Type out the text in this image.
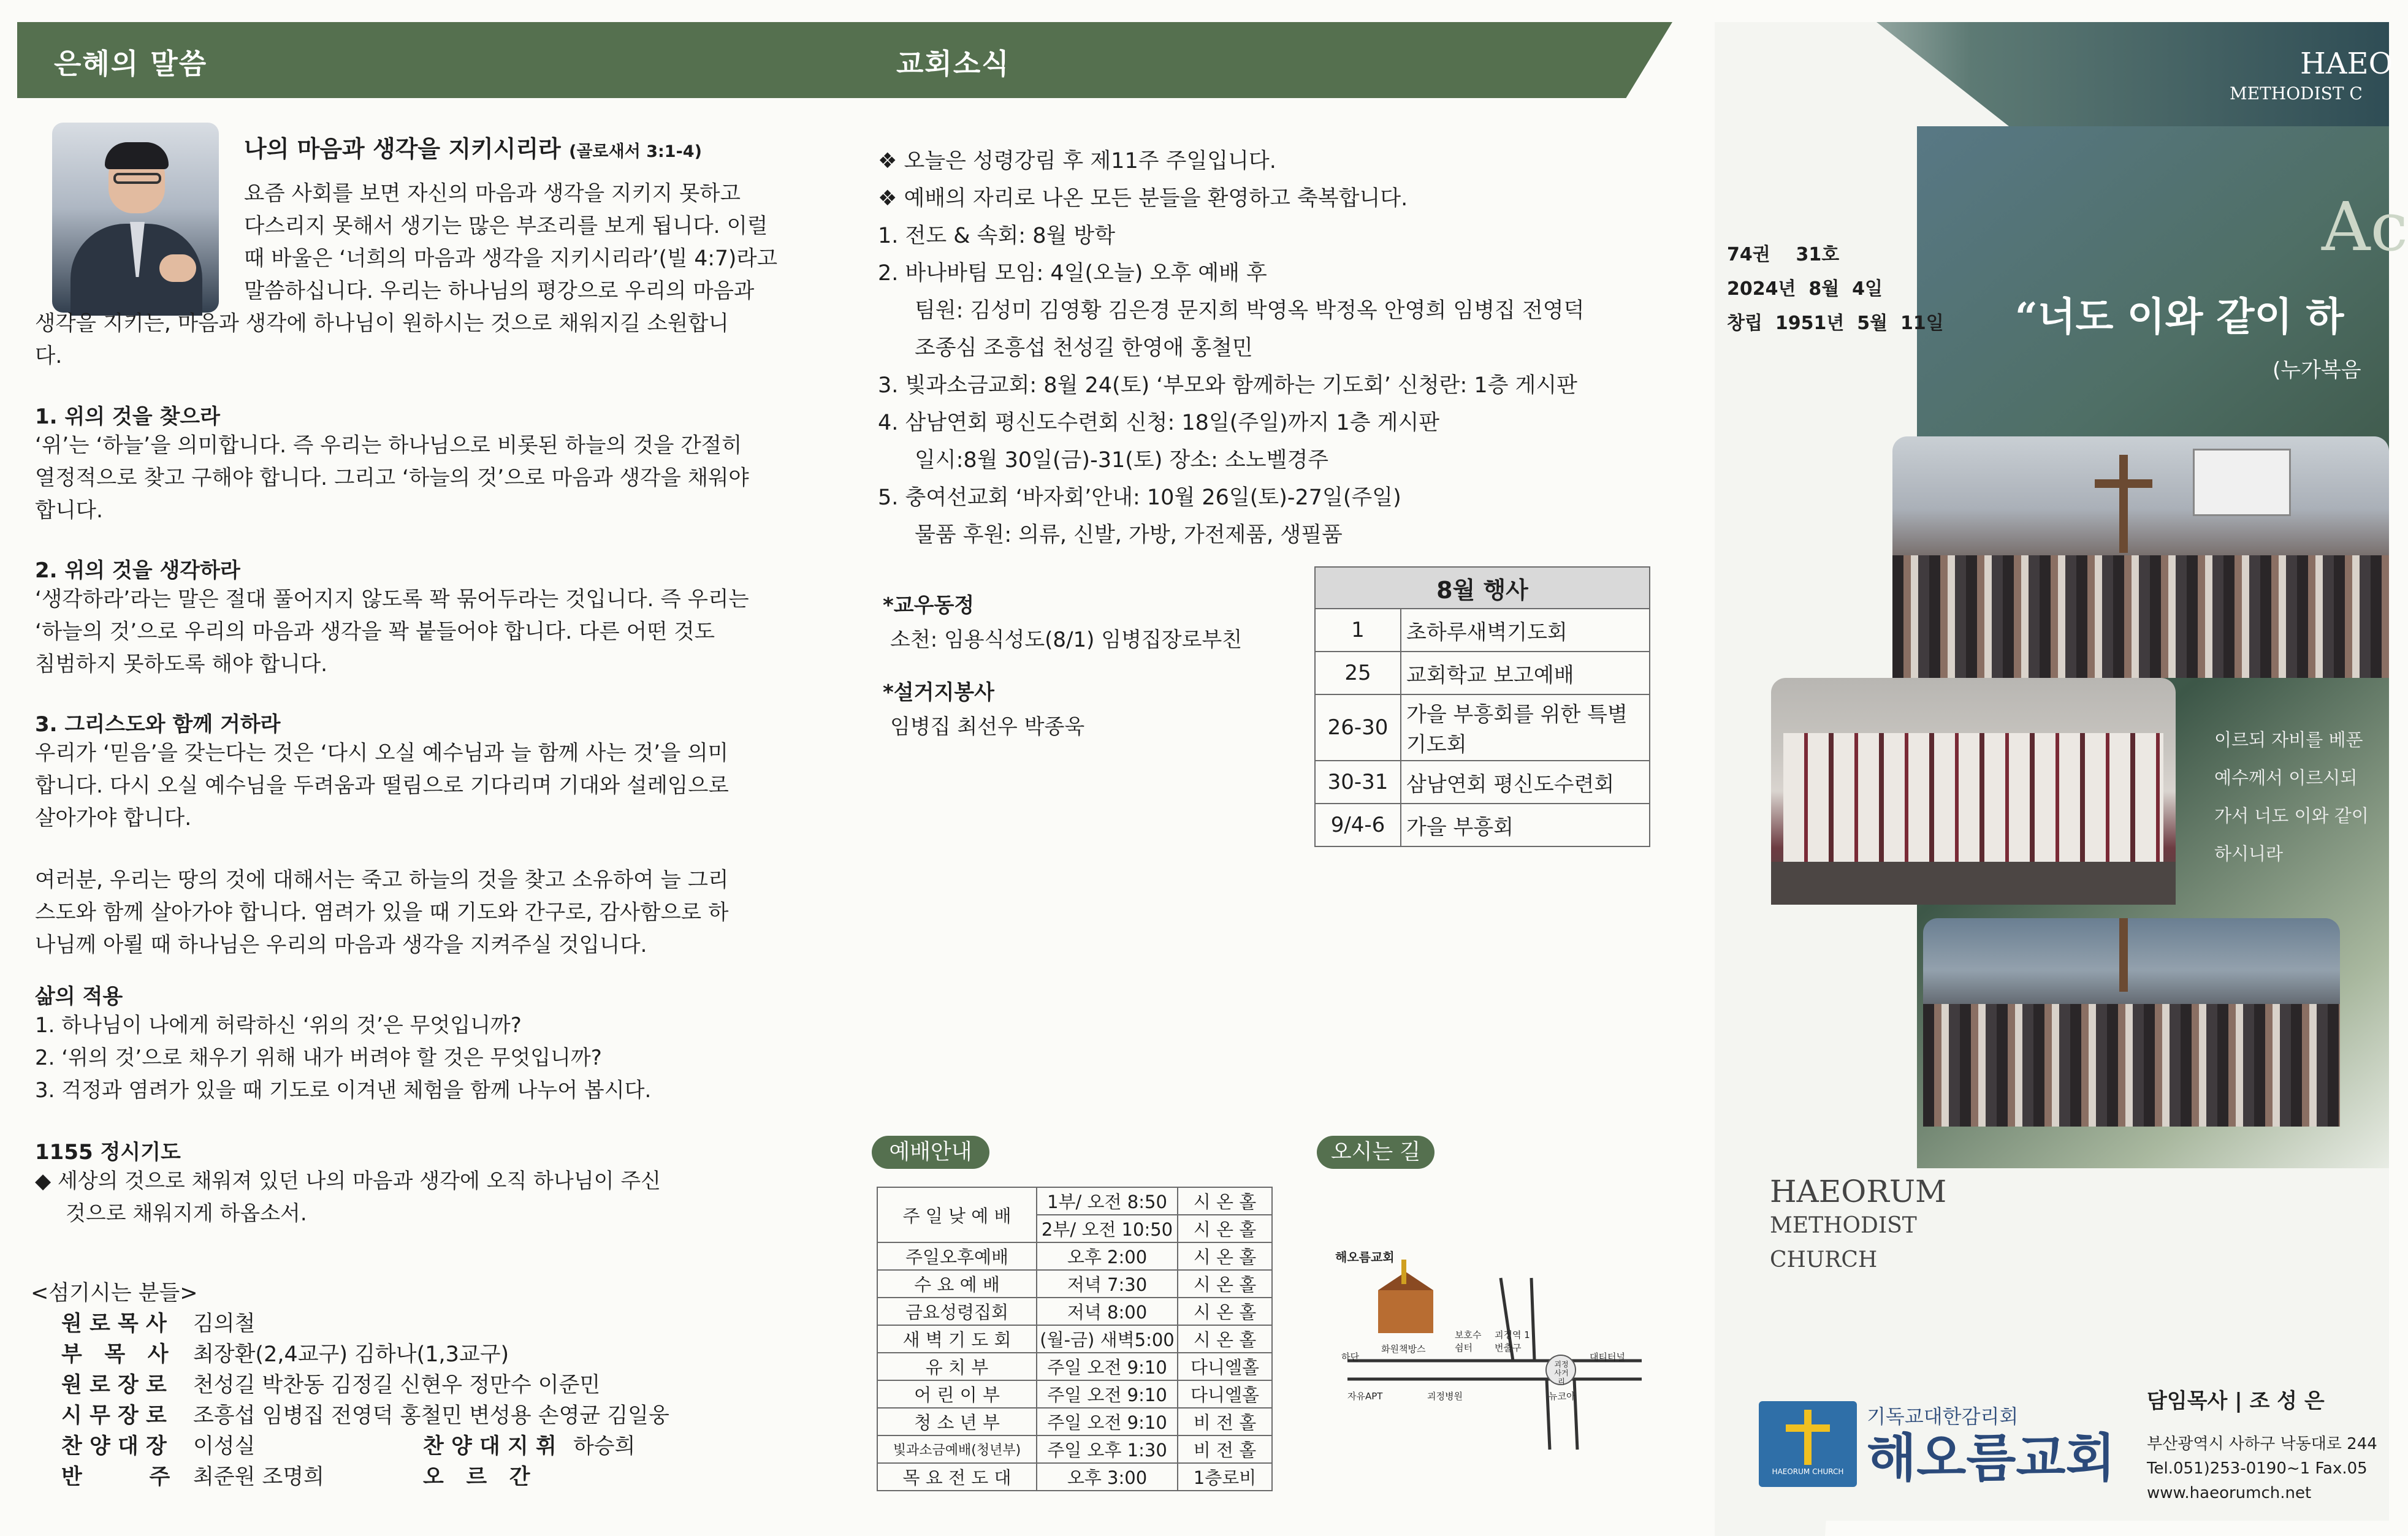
은혜의 말씀	교회소식
나의 마음과 생각을 지키시리라 (골로새서 3:1-4)
요즘 사회를 보면 자신의 마음과 생각을 지키지 못하고
다스리지 못해서 생기는 많은 부조리를 보게 됩니다. 이럴
때 바울은 ‘너희의 마음과 생각을 지키시리라’(빌 4:7)라고
말씀하십니다. 우리는 하나님의 평강으로 우리의 마음과
생각을 지키는, 마음과 생각에 하나님이 원하시는 것으로 채워지길 소원합니
다.
1. 위의 것을 찾으라
‘위’는 ‘하늘’을 의미합니다. 즉 우리는 하나님으로 비롯된 하늘의 것을 간절히
열정적으로 찾고 구해야 합니다. 그리고 ‘하늘의 것’으로 마음과 생각을 채워야
합니다.
2. 위의 것을 생각하라
‘생각하라’라는 말은 절대 풀어지지 않도록 꽉 묶어두라는 것입니다. 즉 우리는
‘하늘의 것’으로 우리의 마음과 생각을 꽉 붙들어야 합니다. 다른 어떤 것도
침범하지 못하도록 해야 합니다.
3. 그리스도와 함께 거하라
우리가 ‘믿음’을 갖는다는 것은 ‘다시 오실 예수님과 늘 함께 사는 것’을 의미
합니다. 다시 오실 예수님을 두려움과 떨림으로 기다리며 기대와 설레임으로
살아가야 합니다.
여러분, 우리는 땅의 것에 대해서는 죽고 하늘의 것을 찾고 소유하여 늘 그리
스도와 함께 살아가야 합니다. 염려가 있을 때 기도와 간구로, 감사함으로 하
나님께 아뢸 때 하나님은 우리의 마음과 생각을 지켜주실 것입니다.
삶의 적용
1. 하나님이 나에게 허락하신 ‘위의 것’은 무엇입니까?
2. ‘위의 것’으로 채우기 위해 내가 버려야 할 것은 무엇입니까?
3. 걱정과 염려가 있을 때 기도로 이겨낸 체험을 함께 나누어 봅시다.
1155 정시기도
◆ 세상의 것으로 채워져 있던 나의 마음과 생각에 오직 하나님이 주신
것으로 채워지게 하옵소서.
<섬기시는 분들>
원 로 목 사	김의철
부   목   사	최장환(2,4교구) 김하나(1,3교구)
원 로 장 로	천성길 박찬동 김정길 신현우 정만수 이준민
시 무 장 로	조흥섭 임병집 전영덕 홍철민 변성용 손영균 김일웅
찬 양 대 장	이성실	찬 양 대 지 휘 하승희
반         주	최준원 조명희	오   르   간
❖ 오늘은 성령강림 후 제11주 주일입니다.
❖ 예배의 자리로 나온 모든 분들을 환영하고 축복합니다.
1. 전도 & 속회: 8월 방학
2. 바나바팀 모임: 4일(오늘) 오후 예배 후
팀원: 김성미 김영황 김은경 문지희 박영옥 박정옥 안영희 임병집 전영덕
조종심 조흥섭 천성길 한영애 홍철민
3. 빛과소금교회: 8월 24(토) ‘부모와 함께하는 기도회’ 신청란: 1층 게시판
4. 삼남연회 평신도수련회 신청: 18일(주일)까지 1층 게시판
일시:8월 30일(금)-31(토) 장소: 소노벨경주
5. 충여선교회 ‘바자회’안내: 10월 26일(토)-27일(주일)
물품 후원: 의류, 신발, 가방, 가전제품, 생필품
*교우동정
소천: 임용식성도(8/1) 임병집장로부친
*설거지봉사
임병집 최선우 박종욱
8월 행사	
1	초하루새벽기도회
25	교회학교 보고예배
26-30	가을 부흥회를 위한 특별기도회
30-31	삼남연회 평신도수련회
9/4-6	가을 부흥회
예배안내
주 일 낮 예 배	1부/ 오전 8:50	시 온 홀
	2부/ 오전 10:50	시 온 홀
주일오후예배	오후 2:00	시 온 홀
수 요 예 배	저녁 7:30	시 온 홀
금요성령집회	저녁 8:00	시 온 홀
새 벽 기 도 회	(월-금) 새벽5:00	시 온 홀
유 치 부	주일 오전 9:10	다니엘홀
어 린 이 부	주일 오전 9:10	다니엘홀
청 소 년 부	주일 오전 9:10	비 전 홀
빛과소금예배(청년부)	주일 오후 1:30	비 전 홀
목 요 전 도 대	오후 3:00	1층로비
오시는 길
해오름교회
화원책방스
보호수 쉼터
괴정역 1번출구
괴정 사거리
대티터널
하단
자유APT	괴정병원	뉴코아
HAEO
METHODIST C

74권    31호
2024년  8월  4일
창립  1951년  5월  11일

Ac
“너도 이와 같이 하
(누가복음
이르되 자비를 베푼
예수께서 이르시되
가서 너도 이와 같이
하시니라
HAEORUM
METHODIST
CHURCH
HAEORUM CHURCH
기독교대한감리회
해오름교회
담임목사 | 조 성 은
부산광역시 사하구 낙동대로 244
Tel.051)253-0190~1 Fax.05
www.haeorumch.net
